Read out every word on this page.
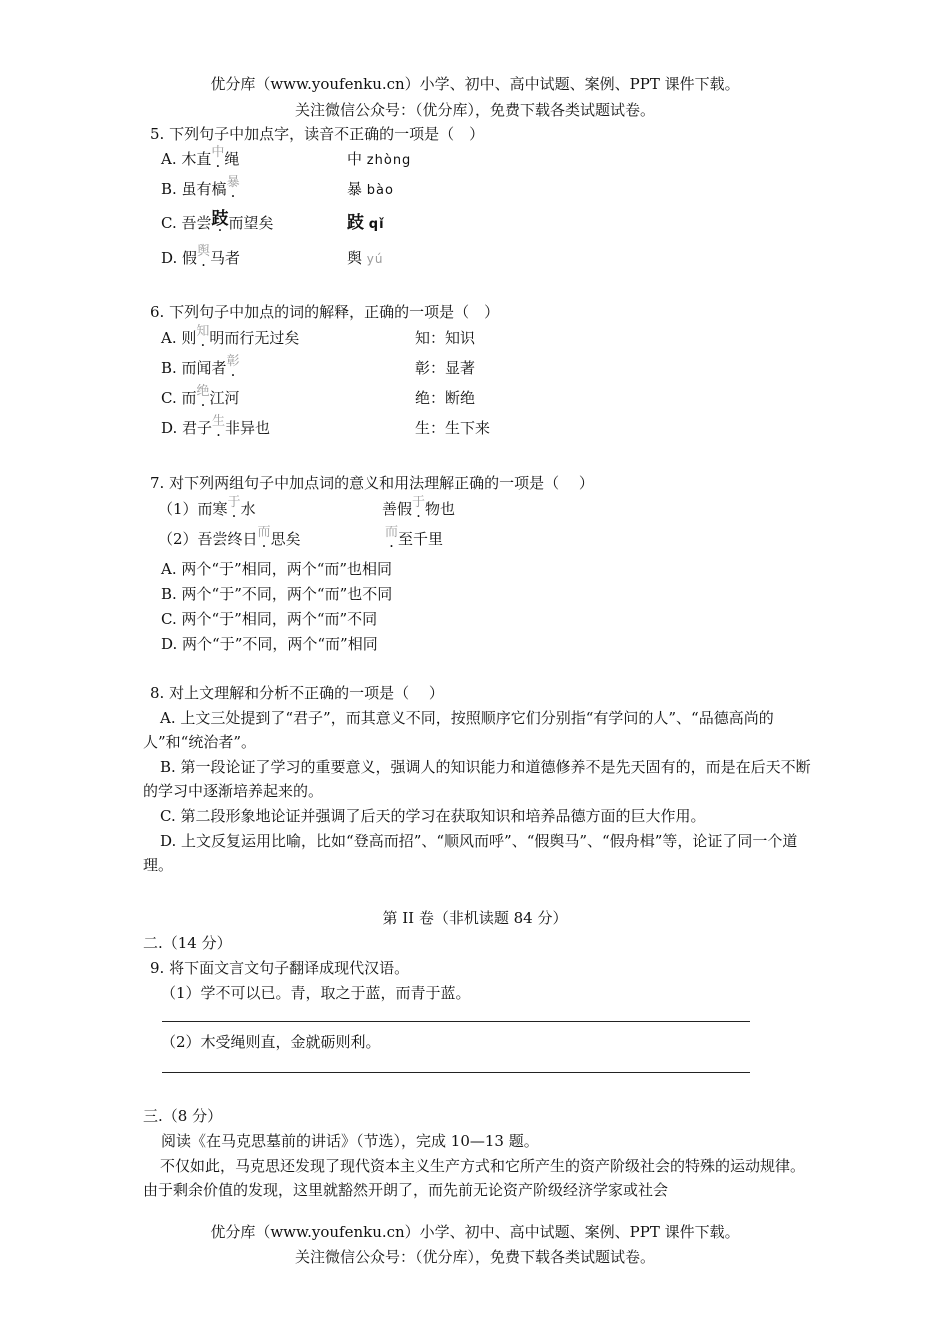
优分库（www.youfenku.cn）小学、初中、高中试题、案例、PPT 课件下载。
关注微信公众号：（优分库），免费下载各类试题试卷。
5. 下列句子中加点字，读音不正确的一项是（　）
A. 木直中绳	中 zhòng
B. 虽有槁暴	暴 bào
C. 吾尝跂而望矣	跂 qǐ
D. 假舆马者	舆 yú
6. 下列句子中加点的词的解释，正确的一项是（　）
A. 则知明而行无过矣	知：知识
B. 而闻者彰	彰：显著
C. 而绝江河	绝：断绝
D. 君子生非异也	生：生下来
7. 对下列两组句子中加点词的意义和用法理解正确的一项是（　 ）
（1）而寒于水	善假于物也
（2）吾尝终日而思矣	而至千里
A. 两个“于”相同，两个“而”也相同
B. 两个“于”不同，两个“而”也不同
C. 两个“于”相同，两个“而”不同
D. 两个“于”不同，两个“而”相同
8. 对上文理解和分析不正确的一项是（　 ）
A. 上文三处提到了“君子”，而其意义不同，按照顺序它们分别指“有学问的人”、“品德高尚的人”和“统治者”。
B. 第一段论证了学习的重要意义，强调人的知识能力和道德修养不是先天固有的，而是在后天不断的学习中逐渐培养起来的。
C. 第二段形象地论证并强调了后天的学习在获取知识和培养品德方面的巨大作用。
D. 上文反复运用比喻，比如“登高而招”、“顺风而呼”、“假舆马”、“假舟楫”等，论证了同一个道理。
第 II 卷（非机读题 84 分）
二.（14 分）
9. 将下面文言文句子翻译成现代汉语。
（1）学不可以已。青，取之于蓝，而青于蓝。
（2）木受绳则直，金就砺则利。
三.（8 分）
阅读《在马克思墓前的讲话》（节选），完成 10—13 题。
不仅如此，马克思还发现了现代资本主义生产方式和它所产生的资产阶级社会的特殊的运动规律。由于剩余价值的发现，这里就豁然开朗了，而先前无论资产阶级经济学家或社会
优分库（www.youfenku.cn）小学、初中、高中试题、案例、PPT 课件下载。
关注微信公众号：（优分库），免费下载各类试题试卷。
